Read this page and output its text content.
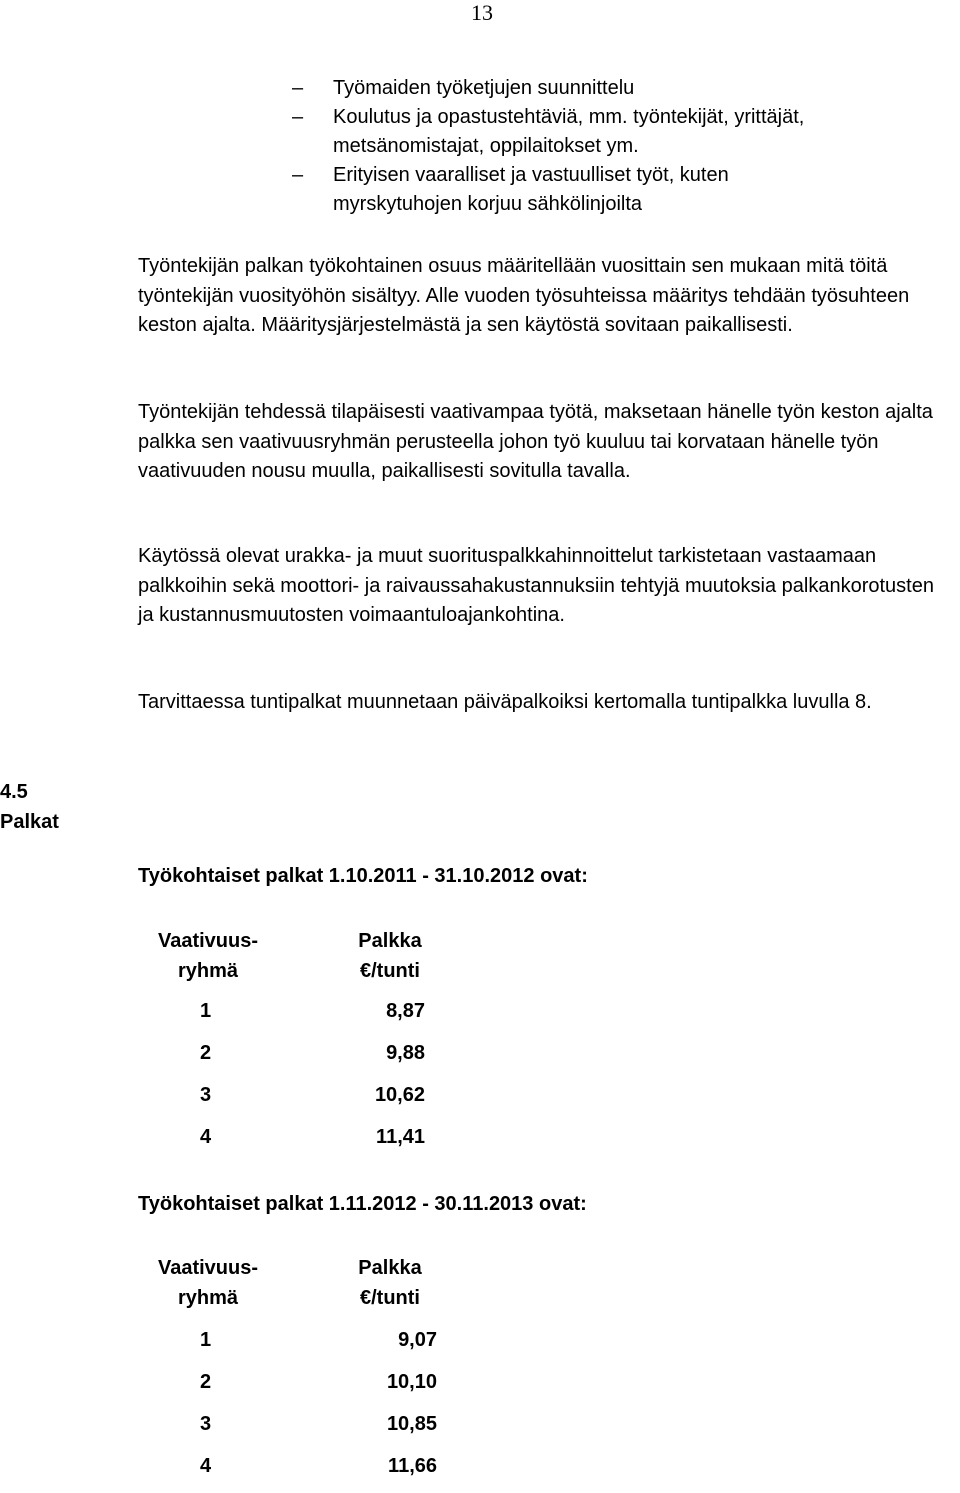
13
– Työmaiden työketjujen suunnittelu
– Koulutus ja opastustehtäviä, mm. työntekijät, yrittäjät,
metsänomistajat, oppilaitokset ym.
– Erityisen vaaralliset ja vastuulliset työt, kuten
myrskytuhojen korjuu sähkölinjoilta

Työntekijän palkan työkohtainen osuus määritellään vuosittain sen mukaan mitä töitä työntekijän vuosityöhön sisältyy. Alle vuoden työsuhteissa määritys tehdään työsuhteen keston ajalta. Määritysjärjestelmästä ja sen käytöstä sovitaan paikallisesti.

Työntekijän tehdessä tilapäisesti vaativampaa työtä, maksetaan hänelle työn keston ajalta palkka sen vaativuusryhmän perusteella johon työ kuuluu tai korvataan hänelle työn vaativuuden nousu muulla, paikallisesti sovitulla tavalla.

Käytössä olevat urakka- ja muut suorituspalkkahinnoittelut tarkistetaan vastaamaan palkkoihin sekä moottori- ja raivaussahakustannuksiin tehtyjä muutoksia palkankorotusten ja kustannusmuutosten voimaantuloajankohtina.

Tarvittaessa tuntipalkat muunnetaan päiväpalkoiksi kertomalla tuntipalkka luvulla 8.

4.5
Palkat
Työkohtaiset palkat 1.10.2011 - 31.10.2012 ovat:
Vaativuus-
ryhmä
Palkka
€/tunti
1
2
3
4
8,87
9,88
10,62
11,41
Työkohtaiset palkat 1.11.2012 - 30.11.2013 ovat:
Vaativuus-
ryhmä
Palkka
€/tunti
1
2
3
4
9,07
10,10
10,85
11,66
